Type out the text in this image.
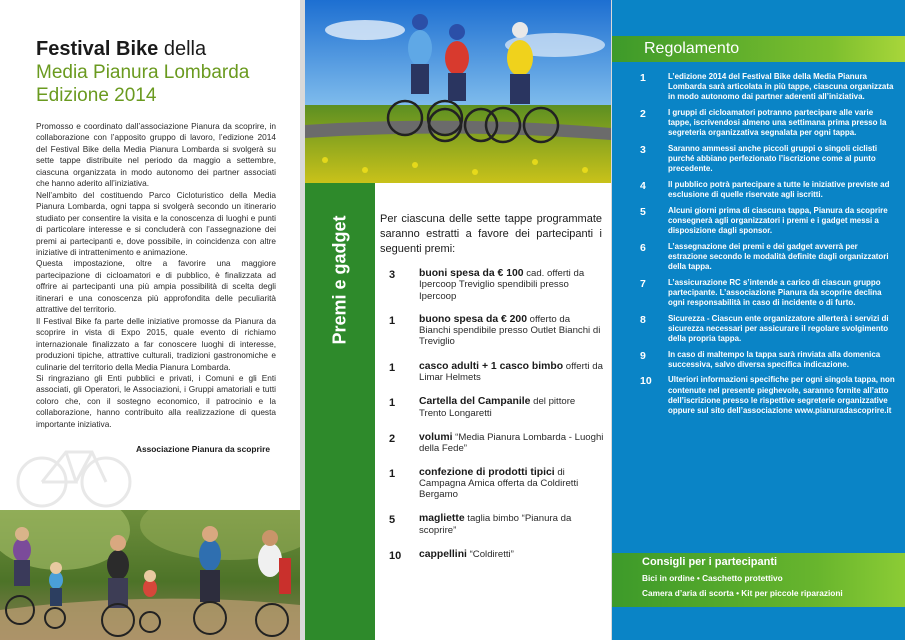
Festival Bike della
Media Pianura Lombarda
Edizione 2014

Promosso e coordinato dall’associazione Pianura da scoprire, in collaborazione con l’apposito gruppo di lavoro, l’edizione 2014 del Festival Bike della Media Pianura Lombarda si svolgerà su sette tappe distribuite nel periodo da maggio a settembre, ciascuna organizzata in modo autonomo dei partner associati che hanno aderito all’iniziativa.

Nell’ambito del costituendo Parco Cicloturistico della Media Pianura Lombarda, ogni tappa si svolgerà secondo un itinerario studiato per consentire la visita e la conoscenza di luoghi e punti di particolare interesse e si concluderà con l’assegnazione dei premi ai partecipanti e, dove possibile, in coincidenza con altre iniziative di intrattenimento e animazione.

Questa impostazione, oltre a favorire una maggiore partecipazione di cicloamatori e di pubblico, è finalizzata ad offrire ai partecipanti una più ampia possibilità di scelta degli itinerari e una conoscenza più approfondita delle peculiarità attrattive del territorio.

Il Festival Bike fa parte delle iniziative promosse da Pianura da scoprire in vista di Expo 2015, quale evento di richiamo internazionale finalizzato a far conoscere luoghi di interesse, produzioni tipiche, attrattive culturali, tradizioni gastronomiche e culinarie del territorio della Media Pianura Lombarda.

Si ringraziano gli Enti pubblici e privati, i Comuni e gli Enti associati, gli Operatori, le Associazioni, i Gruppi amatoriali e tutti coloro che, con il sostegno economico, il patrocinio e la collaborazione, hanno contribuito alla realizzazione di questa importante iniziativa.

Associazione Pianura da scoprire
Premi e gadget	Per ciascuna delle sette tappe programmate saranno estratti a favore dei partecipanti i seguenti premi:
3	buoni spesa da € 100 cad. offerti da Ipercoop Treviglio spendibili presso Ipercoop
1	buono spesa da € 200 offerto da Bianchi spendibile presso Outlet Bianchi di Treviglio
1	casco adulti + 1 casco bimbo offerti da Limar Helmets
1	Cartella del Campanile del pittore Trento Longaretti
2	volumi “Media Pianura Lombarda - Luoghi della Fede”
1	confezione di prodotti tipici di Campagna Amica offerta da Coldiretti Bergamo
5	magliette taglia bimbo “Pianura da scoprire”
10	cappellini “Coldiretti”
Regolamento
1	L’edizione 2014 del Festival Bike della Media Pianura Lombarda sarà articolata in più tappe, ciascuna organizzata in modo autonomo dai partner aderenti all’iniziativa.
2	I gruppi di cicloamatori potranno partecipare alle varie tappe, iscrivendosi almeno una settimana prima presso la segreteria organizzativa segnalata per ogni tappa.
3	Saranno ammessi anche piccoli gruppi o singoli ciclisti purché abbiano perfezionato l’iscrizione come al punto precedente.
4	Il pubblico potrà partecipare a tutte le iniziative previste ad esclusione di quelle riservate agli iscritti.
5	Alcuni giorni prima di ciascuna tappa, Pianura da scoprire consegnerà agli organizzatori i premi e i gadget messi a disposizione dagli sponsor.
6	L’assegnazione dei premi e dei gadget avverrà per estrazione secondo le modalità definite dagli organizzatori della tappa.
7	L’assicurazione RC s’intende a carico di ciascun gruppo partecipante. L’associazione Pianura da scoprire declina ogni responsabilità in caso di incidente o di furto.
8	Sicurezza - Ciascun ente organizzatore allerterà i servizi di sicurezza necessari per assicurare il regolare svolgimento della propria tappa.
9	In caso di maltempo la tappa sarà rinviata alla domenica successiva, salvo diversa specifica indicazione.
10	Ulteriori informazioni specifiche per ogni singola tappa, non contenute nel presente pieghevole, saranno fornite all’atto dell’iscrizione presso le rispettive segreterie organizzative oppure sul sito dell’associazione www.pianuradascoprire.it
Consigli per i partecipanti
Bici in ordine • Caschetto protettivo
Camera d’aria di scorta • Kit per piccole riparazioni
